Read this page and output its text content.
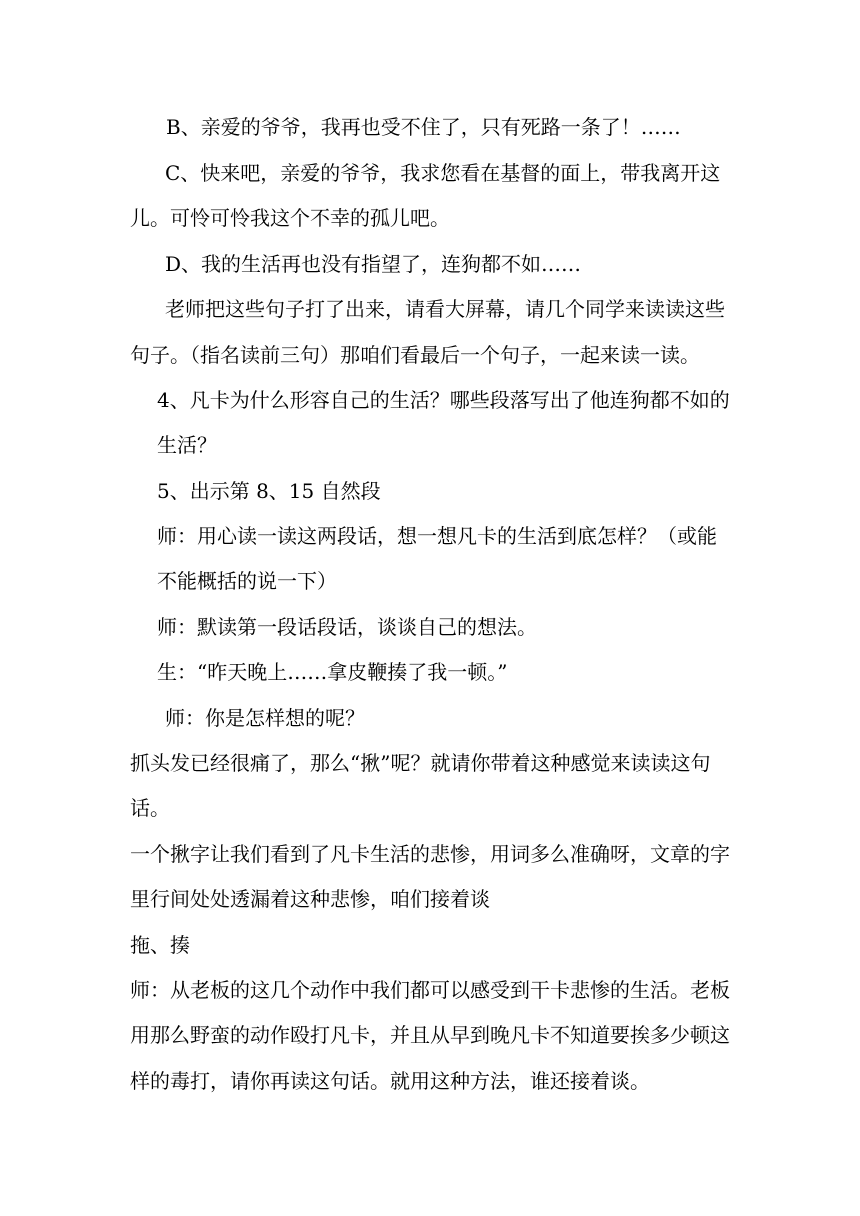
B、亲爱的爷爷，我再也受不住了，只有死路一条了！……

C、快来吧，亲爱的爷爷，我求您看在基督的面上，带我离开这

儿。可怜可怜我这个不幸的孤儿吧。

D、我的生活再也没有指望了，连狗都不如……

老师把这些句子打了出来，请看大屏幕，请几个同学来读读这些

句子。（指名读前三句）那咱们看最后一个句子，一起来读一读。

4、凡卡为什么形容自己的生活？哪些段落写出了他连狗都不如的

生活？

5、出示第 8、15 自然段

师：用心读一读这两段话，想一想凡卡的生活到底怎样？（或能

不能概括的说一下）

师：默读第一段话段话，谈谈自己的想法。

生：“昨天晚上……拿皮鞭揍了我一顿。”

师：你是怎样想的呢？

抓头发已经很痛了，那么“揪”呢？就请你带着这种感觉来读读这句

话。

一个揪字让我们看到了凡卡生活的悲惨，用词多么准确呀，文章的字

里行间处处透漏着这种悲惨，咱们接着谈

拖、揍

师：从老板的这几个动作中我们都可以感受到干卡悲惨的生活。老板

用那么野蛮的动作殴打凡卡，并且从早到晚凡卡不知道要挨多少顿这

样的毒打，请你再读这句话。就用这种方法，谁还接着谈。
